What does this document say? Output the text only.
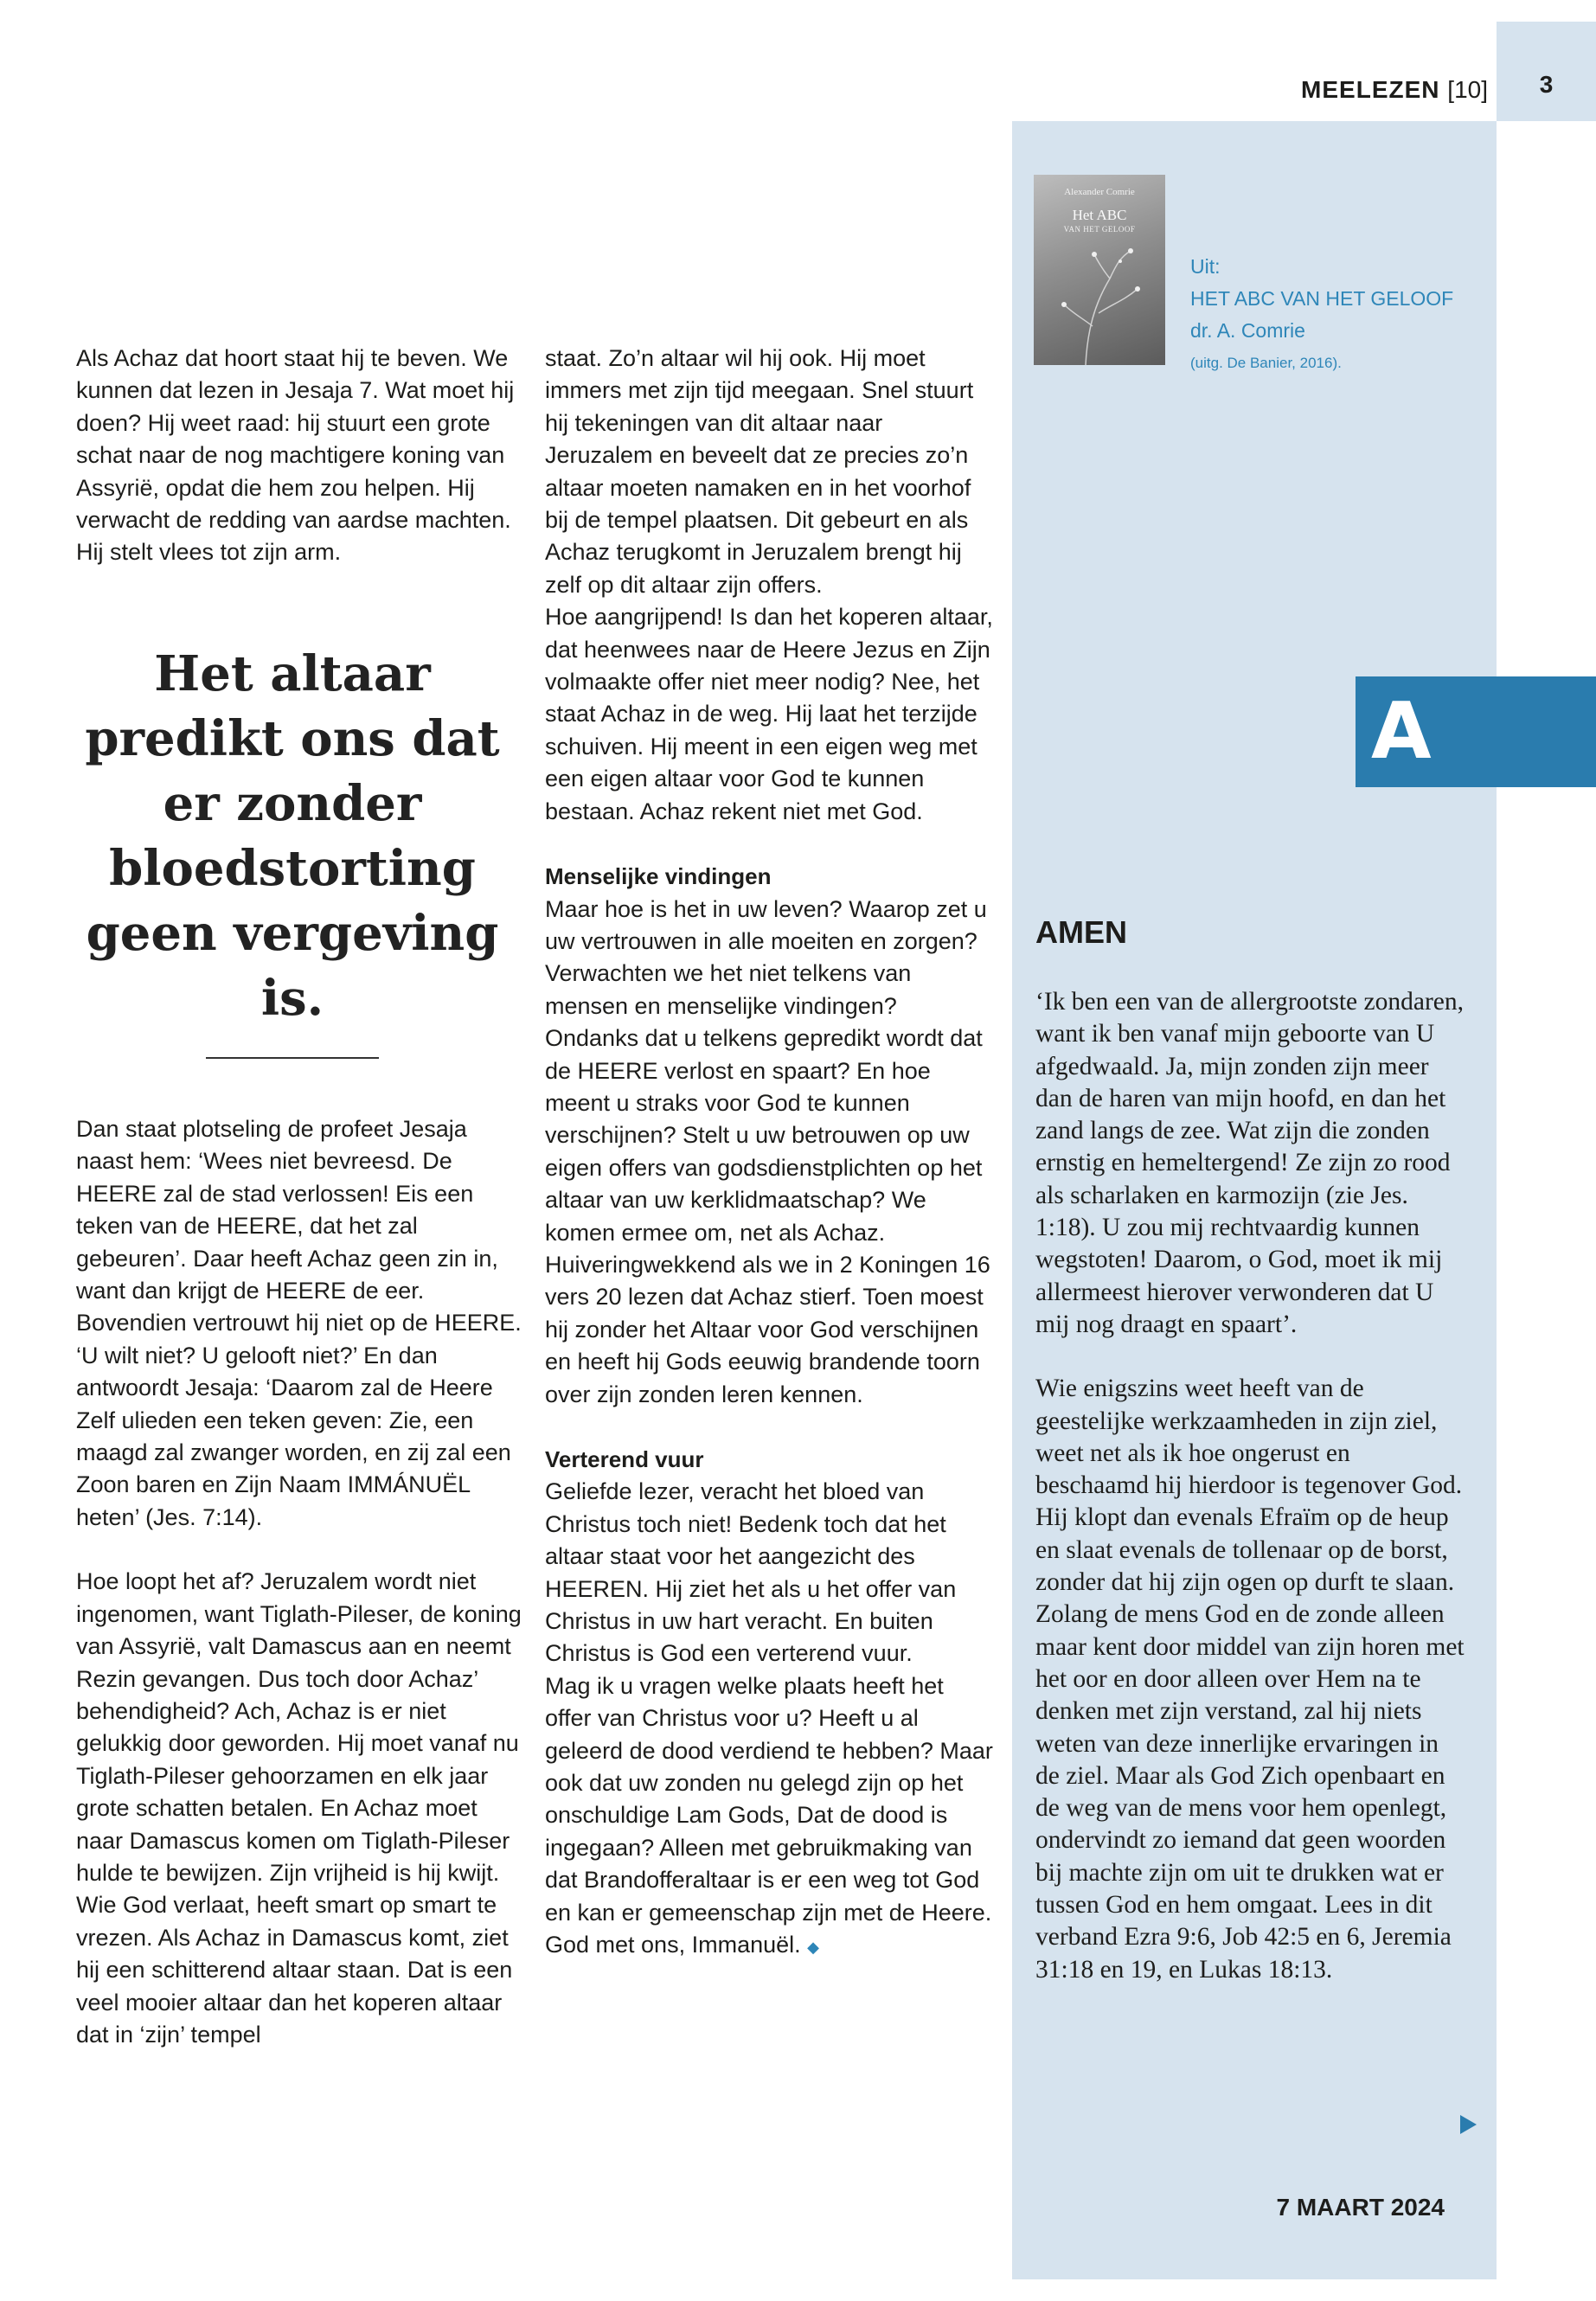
3
MEELEZEN [10]
Alexander Comrie
Het ABC
VAN HET GELOOF
Uit:
HET ABC VAN HET GELOOF
dr. A. Comrie
(uitg. De Banier, 2016).
A

Als Achaz dat hoort staat hij te beven. We kunnen dat lezen in Jesaja 7. Wat moet hij doen? Hij weet raad: hij stuurt een grote schat naar de nog machtigere koning van Assyrië, opdat die hem zou helpen. Hij verwacht de redding van aardse machten. Hij stelt vlees tot zijn arm.

Het altaar predikt ons dat er zonder bloedstorting geen vergeving is.

Dan staat plotseling de profeet Jesaja naast hem: ‘Wees niet bevreesd. De HEERE zal de stad verlossen! Eis een teken van de HEERE, dat het zal gebeuren’. Daar heeft Achaz geen zin in, want dan krijgt de HEERE de eer. Bovendien vertrouwt hij niet op de HEERE. ‘U wilt niet? U gelooft niet?’ En dan antwoordt Jesaja: ‘Daarom zal de Heere Zelf ulieden een teken geven: Zie, een maagd zal zwanger worden, en zij zal een Zoon baren en Zijn Naam IMMÁNUËL heten’ (Jes. 7:14).

Hoe loopt het af? Jeruzalem wordt niet ingenomen, want Tiglath-Pileser, de koning van Assyrië, valt Damascus aan en neemt Rezin gevangen. Dus toch door Achaz’ behendigheid? Ach, Achaz is er niet gelukkig door geworden. Hij moet vanaf nu Tiglath-Pileser gehoorzamen en elk jaar grote schatten betalen. En Achaz moet naar Damascus komen om Tiglath-Pileser hulde te bewijzen. Zijn vrijheid is hij kwijt. Wie God verlaat, heeft smart op smart te vrezen. Als Achaz in Damascus komt, ziet hij een schitterend altaar staan. Dat is een veel mooier altaar dan het koperen altaar dat in ‘zijn’ tempel

staat. Zo’n altaar wil hij ook. Hij moet immers met zijn tijd meegaan. Snel stuurt hij tekeningen van dit altaar naar Jeruzalem en beveelt dat ze precies zo’n altaar moeten namaken en in het voorhof bij de tempel plaatsen. Dit gebeurt en als Achaz terugkomt in Jeruzalem brengt hij zelf op dit altaar zijn offers.

Hoe aangrijpend! Is dan het koperen altaar, dat heenwees naar de Heere Jezus en Zijn volmaakte offer niet meer nodig? Nee, het staat Achaz in de weg. Hij laat het terzijde schuiven. Hij meent in een eigen weg met een eigen altaar voor God te kunnen bestaan. Achaz rekent niet met God.
Menselijke vindingen
Maar hoe is het in uw leven? Waarop zet u uw vertrouwen in alle moeiten en zorgen? Verwachten we het niet telkens van mensen en menselijke vindingen? Ondanks dat u telkens gepredikt wordt dat de HEERE verlost en spaart? En hoe meent u straks voor God te kunnen verschijnen? Stelt u uw betrouwen op uw eigen offers van godsdienstplichten op het altaar van uw kerklidmaatschap? We komen ermee om, net als Achaz. Huiveringwekkend als we in 2 Koningen 16 vers 20 lezen dat Achaz stierf. Toen moest hij zonder het Altaar voor God verschijnen en heeft hij Gods eeuwig brandende toorn over zijn zonden leren kennen.
Verterend vuur
Geliefde lezer, veracht het bloed van Christus toch niet! Bedenk toch dat het altaar staat voor het aangezicht des HEEREN. Hij ziet het als u het offer van Christus in uw hart veracht. En buiten Christus is God een verterend vuur.
Mag ik u vragen welke plaats heeft het offer van Christus voor u? Heeft u al geleerd de dood verdiend te hebben? Maar ook dat uw zonden nu gelegd zijn op het onschuldige Lam Gods, Dat de dood is ingegaan? Alleen met gebruikmaking van dat Brandofferaltaar is er een weg tot God en kan er gemeenschap zijn met de Heere. God met ons, Immanuël. ◆
AMEN

‘Ik ben een van de allergrootste zondaren, want ik ben vanaf mijn geboorte van U afgedwaald. Ja, mijn zonden zijn meer dan de haren van mijn hoofd, en dan het zand langs de zee. Wat zijn die zonden ernstig en hemeltergend! Ze zijn zo rood als scharlaken en karmozijn (zie Jes. 1:18). U zou mij rechtvaardig kunnen wegstoten! Daarom, o God, moet ik mij allermeest hierover verwonderen dat U mij nog draagt en spaart’.

Wie enigszins weet heeft van de geestelijke werkzaamheden in zijn ziel, weet net als ik hoe ongerust en beschaamd hij hierdoor is tegenover God. Hij klopt dan evenals Efraïm op de heup en slaat evenals de tollenaar op de borst, zonder dat hij zijn ogen op durft te slaan. Zolang de mens God en de zonde alleen maar kent door middel van zijn horen met het oor en door alleen over Hem na te denken met zijn verstand, zal hij niets weten van deze innerlijke ervaringen in de ziel. Maar als God Zich openbaart en de weg van de mens voor hem openlegt, ondervindt zo iemand dat geen woorden bij machte zijn om uit te drukken wat er tussen God en hem omgaat. Lees in dit verband Ezra 9:6, Job 42:5 en 6, Jeremia 31:18 en 19, en Lukas 18:13.

7 MAART 2024
